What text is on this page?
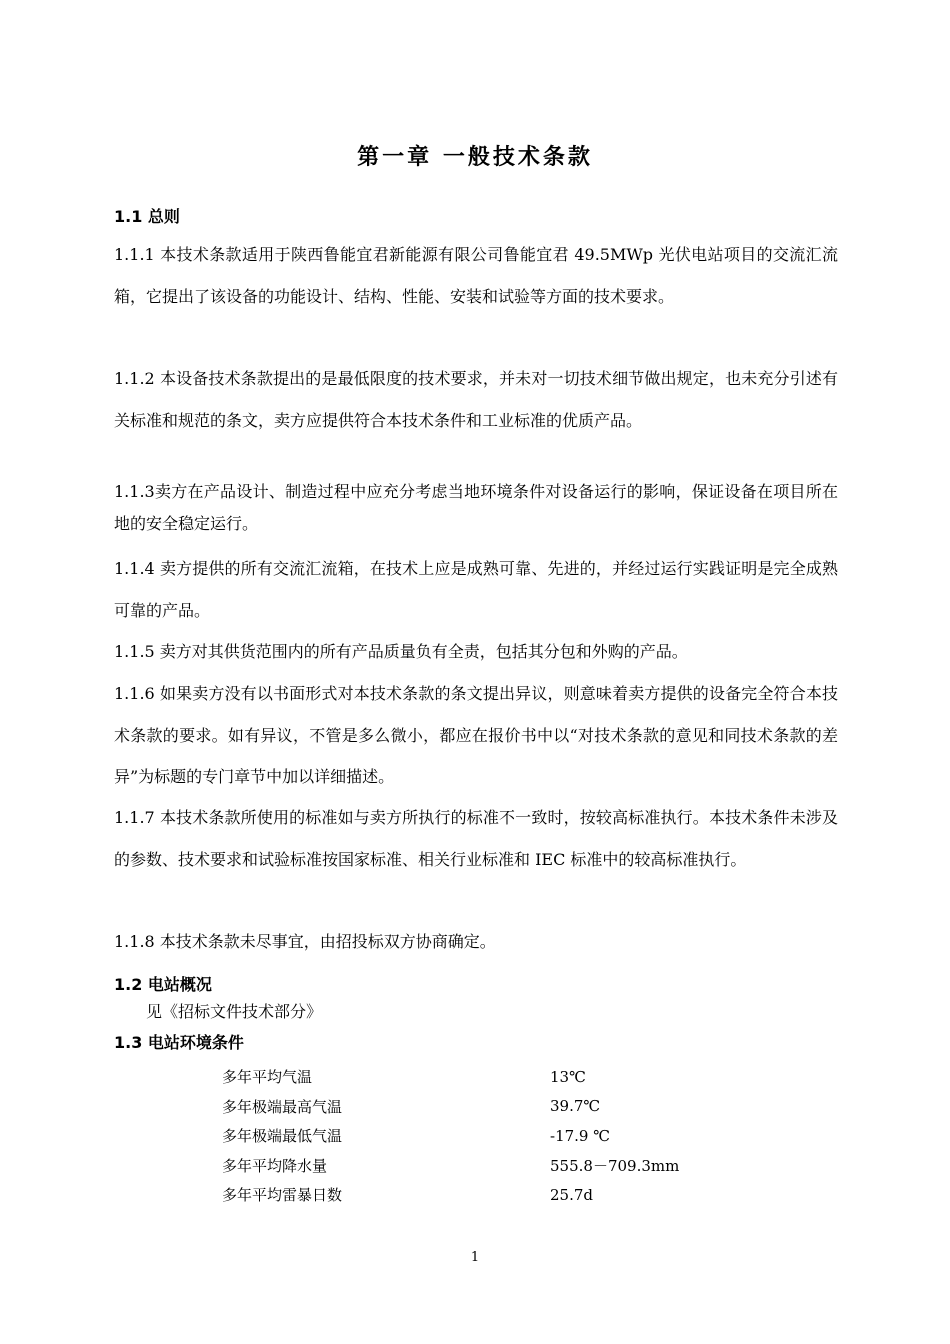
第一章 一般技术条款
1.1 总则

1.1.1 本技术条款适用于陕西鲁能宜君新能源有限公司鲁能宜君 49.5MWp 光伏电站项目的交流汇流箱，它提出了该设备的功能设计、结构、性能、安装和试验等方面的技术要求。

1.1.2 本设备技术条款提出的是最低限度的技术要求，并未对一切技术细节做出规定，也未充分引述有关标准和规范的条文，卖方应提供符合本技术条件和工业标准的优质产品。

1.1.3卖方在产品设计、制造过程中应充分考虑当地环境条件对设备运行的影响，保证设备在项目所在地的安全稳定运行。

1.1.4 卖方提供的所有交流汇流箱，在技术上应是成熟可靠、先进的，并经过运行实践证明是完全成熟可靠的产品。

1.1.5 卖方对其供货范围内的所有产品质量负有全责，包括其分包和外购的产品。

1.1.6 如果卖方没有以书面形式对本技术条款的条文提出异议，则意味着卖方提供的设备完全符合本技术条款的要求。如有异议，不管是多么微小，都应在报价书中以“对技术条款的意见和同技术条款的差异”为标题的专门章节中加以详细描述。

1.1.7 本技术条款所使用的标准如与卖方所执行的标准不一致时，按较高标准执行。本技术条件未涉及的参数、技术要求和试验标准按国家标准、相关行业标准和 IEC 标准中的较高标准执行。

1.1.8 本技术条款未尽事宜，由招投标双方协商确定。

1.2 电站概况

见《招标文件技术部分》

1.3 电站环境条件
多年平均气温	13℃
多年极端最高气温	39.7℃
多年极端最低气温	-17.9 ℃
多年平均降水量	555.8－709.3mm
多年平均雷暴日数	25.7d

1
